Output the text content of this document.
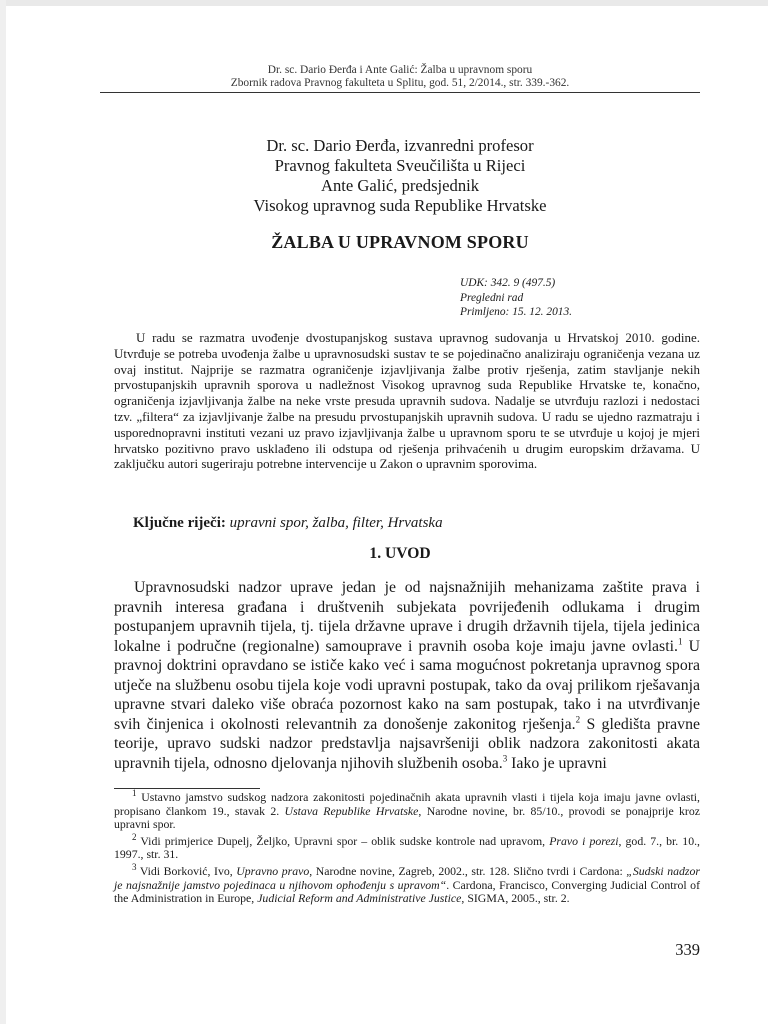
Dr. sc. Dario Đerđa i Ante Galić: Žalba u upravnom sporu
Zbornik radova Pravnog fakulteta u Splitu, god. 51, 2/2014., str. 339.-362.
Dr. sc. Dario Đerđa, izvanredni profesor
Pravnog fakulteta Sveučilišta u Rijeci
Ante Galić, predsjednik
Visokog upravnog suda Republike Hrvatske
ŽALBA U UPRAVNOM SPORU
UDK: 342. 9 (497.5)
Pregledni rad
Primljeno: 15. 12. 2013.
U radu se razmatra uvođenje dvostupanjskog sustava upravnog sudovanja u Hrvatskoj 2010. godine. Utvrđuje se potreba uvođenja žalbe u upravnosudski sustav te se pojedinačno analiziraju ograničenja vezana uz ovaj institut. Najprije se razmatra ograničenje izjavljivanja žalbe protiv rješenja, zatim stavljanje nekih prvostupanjskih upravnih sporova u nadležnost Visokog upravnog suda Republike Hrvatske te, konačno, ograničenja izjavljivanja žalbe na neke vrste presuda upravnih sudova. Nadalje se utvrđuju razlozi i nedostaci tzv. „filtera“ za izjavljivanje žalbe na presudu prvostupanjskih upravnih sudova. U radu se ujedno razmatraju i usporednopravni instituti vezani uz pravo izjavljivanja žalbe u upravnom sporu te se utvrđuje u kojoj je mjeri hrvatsko pozitivno pravo usklađeno ili odstupa od rješenja prihvaćenih u drugim europskim državama. U zaključku autori sugeriraju potrebne intervencije u Zakon o upravnim sporovima.
Ključne riječi: upravni spor, žalba, filter, Hrvatska
1. UVOD
Upravnosudski nadzor uprave jedan je od najsnažnijih mehanizama zaštite prava i pravnih interesa građana i društvenih subjekata povrijeđenih odlukama i drugim postupanjem upravnih tijela, tj. tijela državne uprave i drugih državnih tijela, tijela jedinica lokalne i područne (regionalne) samouprave i pravnih osoba koje imaju javne ovlasti.$^1$ U pravnoj doktrini opravdano se ističe kako već i sama mogućnost pokretanja upravnog spora utječe na službenu osobu tijela koje vodi upravni postupak, tako da ovaj prilikom rješavanja upravne stvari daleko više obraća pozornost kako na sam postupak, tako i na utvrđivanje svih činjenica i okolnosti relevantnih za donošenje zakonitog rješenja.$^2$ S gledišta pravne teorije, upravo sudski nadzor predstavlja najsavršeniji oblik nadzora zakonitosti akata upravnih tijela, odnosno djelovanja njihovih službenih osoba.$^3$ Iako je upravni

$^1$ Ustavno jamstvo sudskog nadzora zakonitosti pojedinačnih akata upravnih vlasti i tijela koja imaju javne ovlasti, propisano člankom 19., stavak 2. Ustava Republike Hrvatske, Narodne novine, br. 85/10., provodi se ponajprije kroz upravni spor.

$^2$ Vidi primjerice Dupelj, Željko, Upravni spor – oblik sudske kontrole nad upravom, Pravo i porezi, god. 7., br. 10., 1997., str. 31.

$^3$ Vidi Borković, Ivo, Upravno pravo, Narodne novine, Zagreb, 2002., str. 128. Slično tvrdi i Cardona: „Sudski nadzor je najsnažnije jamstvo pojedinaca u njihovom ophođenju s upravom“. Cardona, Francisco, Converging Judicial Control of the Administration in Europe, Judicial Reform and Administrative Justice, SIGMA, 2005., str. 2.

339
